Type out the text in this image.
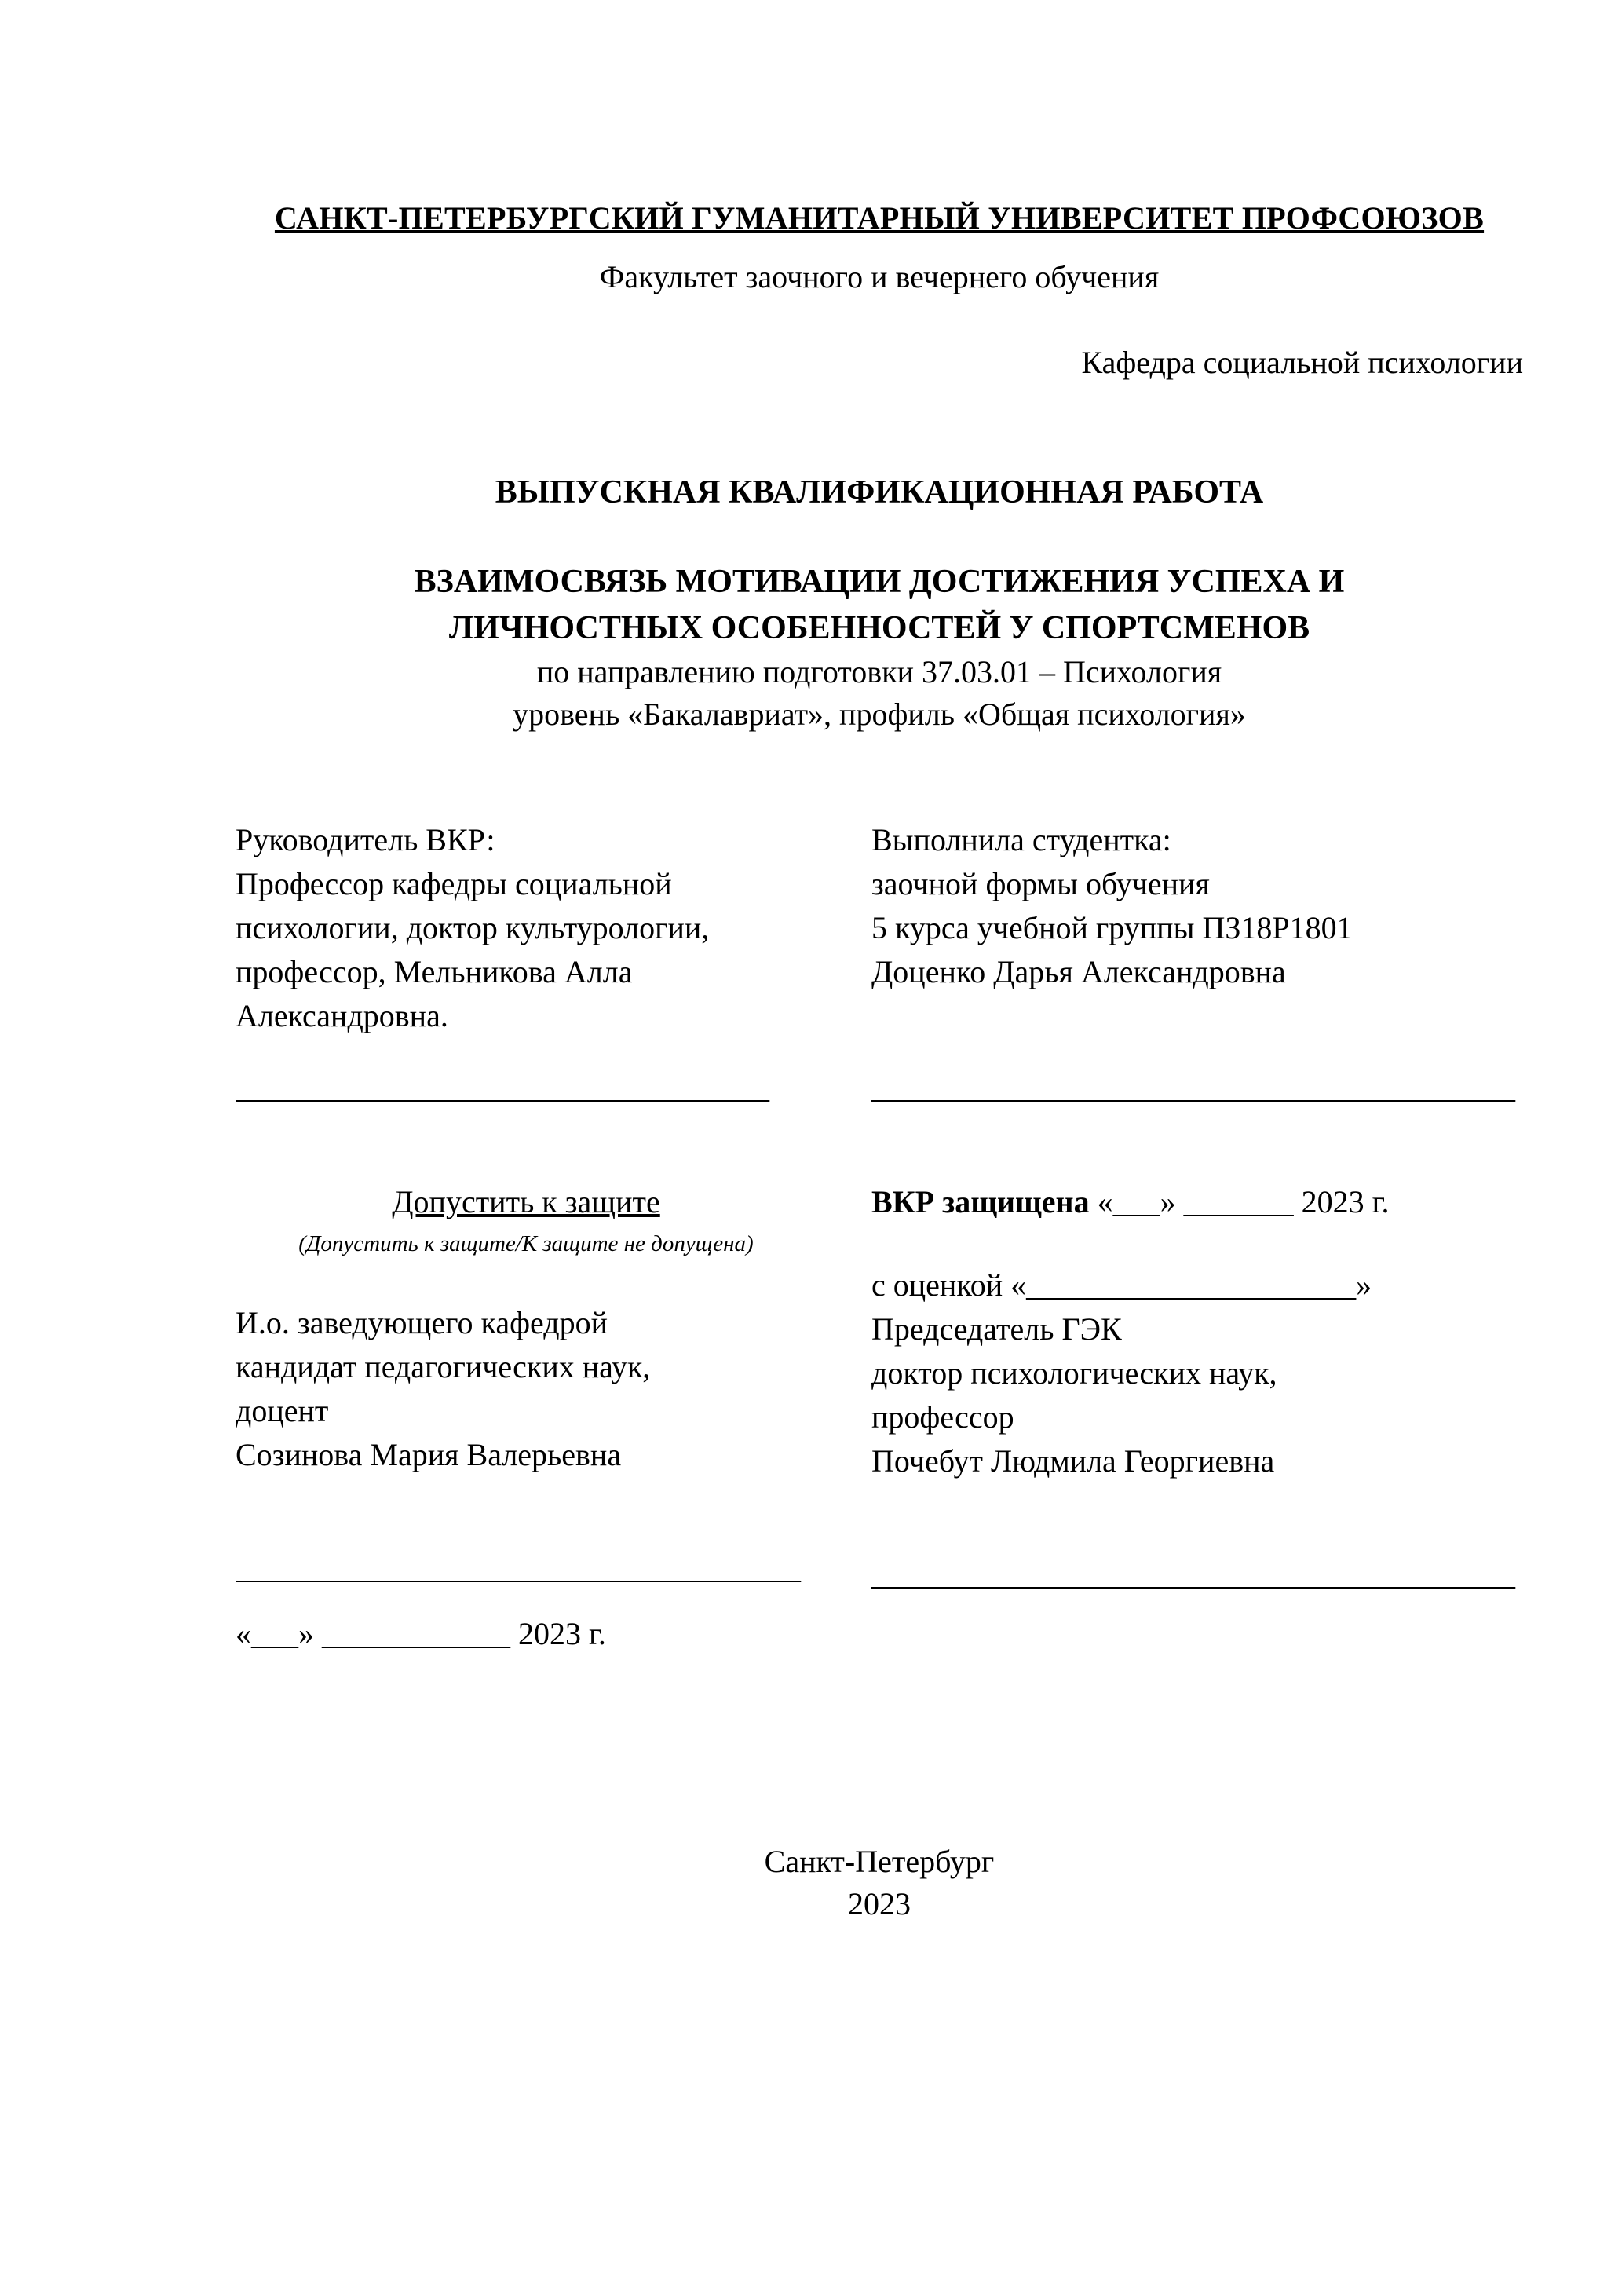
САНКТ-ПЕТЕРБУРГСКИЙ ГУМАНИТАРНЫЙ УНИВЕРСИТЕТ ПРОФСОЮЗОВ
Факультет заочного и вечернего обучения
Кафедра социальной психологии
ВЫПУСКНАЯ КВАЛИФИКАЦИОННАЯ РАБОТА
ВЗАИМОСВЯЗЬ МОТИВАЦИИ ДОСТИЖЕНИЯ УСПЕХА И
ЛИЧНОСТНЫХ ОСОБЕННОСТЕЙ У СПОРТСМЕНОВ
по направлению подготовки 37.03.01 – Психология
уровень «Бакалавриат», профиль «Общая психология»
Руководитель ВКР:
Профессор кафедры социальной
психологии, доктор культурологии,
профессор, Мельникова Алла
Александровна.
Выполнила студентка:
заочной формы обучения
5 курса учебной группы ПЗ18Р1801
Доценко Дарья Александровна
__________________________________	_________________________________________
Допустить к защите
(Допустить к защите/К защите не допущена)
И.о. заведующего кафедрой
кандидат педагогических наук,
доцент
Созинова Мария Валерьевна
____________________________________
«___» ____________ 2023 г.
ВКР защищена «___» _______ 2023 г.
с оценкой «_____________________»
Председатель ГЭК
доктор психологических наук,
профессор
Почебут Людмила Георгиевна
_________________________________________
Санкт-Петербург
2023
